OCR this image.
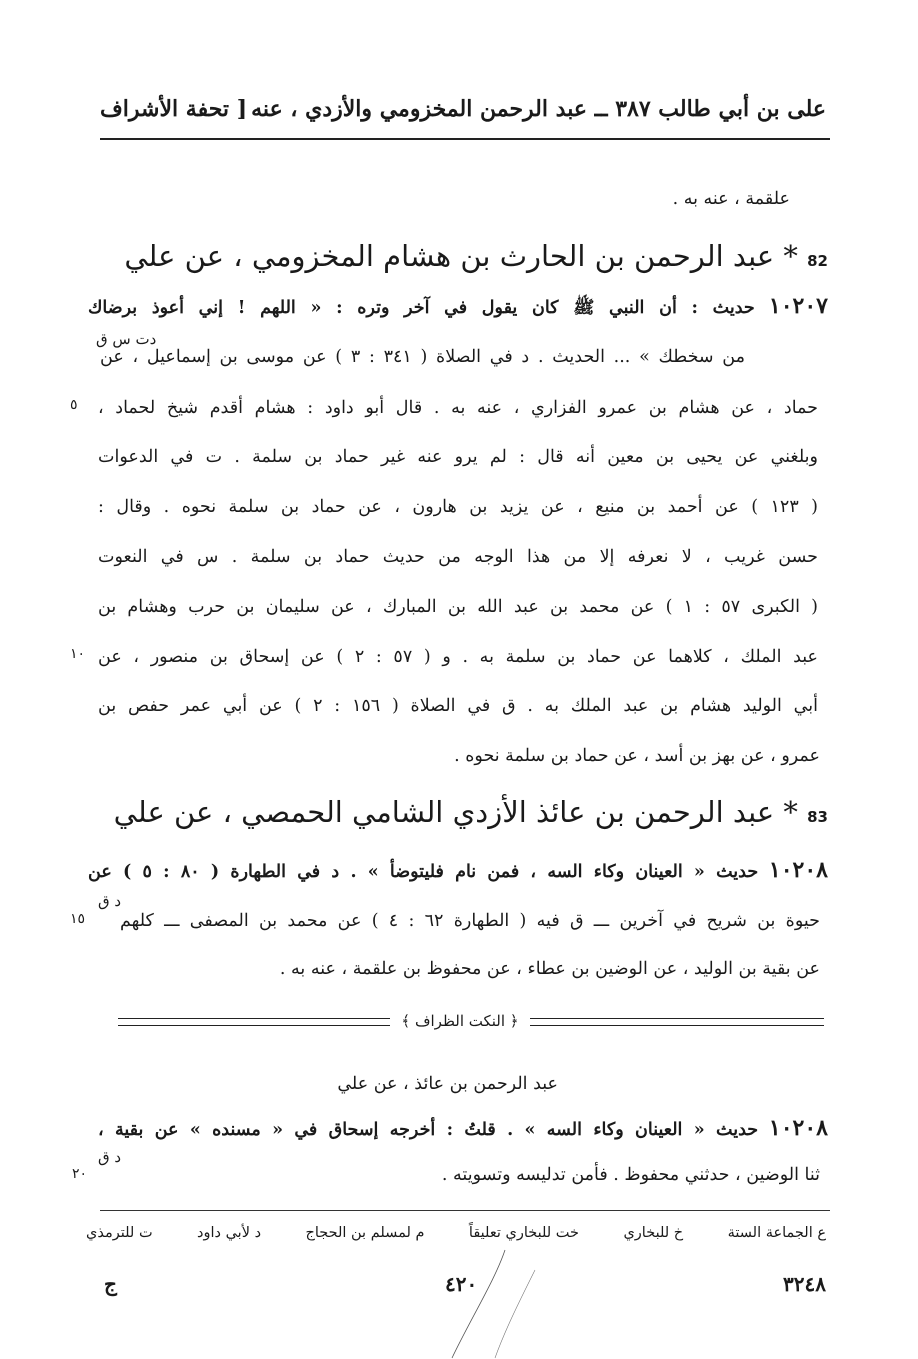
على بن أبي طالب ٣٨٧ ــ عبد الرحمن المخزومي والأزدي ، عنه
[ تحفة الأشراف
علقمة ، عنه به .
82 * عبد الرحمن بن الحارث بن هشام المخزومي ، عن علي
١٠٢٠٧ حديث : أن النبي ﷺ كان يقول في آخر وتره : « اللهم ! إني أعوذ برضاك
دت س ق
من سخطك » ... الحديث . د في الصلاة ( ٣٤١ : ٣ ) عن موسى بن إسماعيل ، عن
حماد ، عن هشام بن عمرو الفزاري ، عنه به . قال أبو داود : هشام أقدم شيخ لحماد ،
وبلغني عن يحيى بن معين أنه قال : لم يرو عنه غير حماد بن سلمة . ت في الدعوات
( ١٢٣ ) عن أحمد بن منيع ، عن يزيد بن هارون ، عن حماد بن سلمة نحوه . وقال :
حسن غريب ، لا نعرفه إلا من هذا الوجه من حديث حماد بن سلمة . س في النعوت
( الكبرى ٥٧ : ١ ) عن محمد بن عبد الله بن المبارك ، عن سليمان بن حرب وهشام بن
عبد الملك ، كلاهما عن حماد بن سلمة به . و ( ٥٧ : ٢ ) عن إسحاق بن منصور ، عن
أبي الوليد هشام بن عبد الملك به . ق في الصلاة ( ١٥٦ : ٢ ) عن أبي عمر حفص بن
عمرو ، عن بهز بن أسد ، عن حماد بن سلمة نحوه .
٥
١٠
83 * عبد الرحمن بن عائذ الأزدي الشامي الحمصي ، عن علي
١٠٢٠٨ حديث « العينان وكاء السه ، فمن نام فليتوضأ » . د في الطهارة ( ٨٠ : ٥ ) عن
د ق
حيوة بن شريح في آخرين ـــ ق فيه ( الطهارة ٦٢ : ٤ ) عن محمد بن المصفى ـــ كلهم
عن بقية بن الوليد ، عن الوضين بن عطاء ، عن محفوظ بن علقمة ، عنه به .
١٥
﴿ النكت الظراف ﴾
عبد الرحمن بن عائذ ، عن علي
١٠٢٠٨ حديث « العينان وكاء السه » . قلتُ : أخرجه إسحاق في « مسنده » عن بقية ،
د ق
ثنا الوضين ، حدثني محفوظ . فأمن تدليسه وتسويته .
٢٠
ع الجماعة الستة
خ للبخاري
خت للبخاري تعليقاً
م لمسلم بن الحجاج
د لأبي داود
ت للترمذي
٣٢٤٨
٤٢٠
ج
